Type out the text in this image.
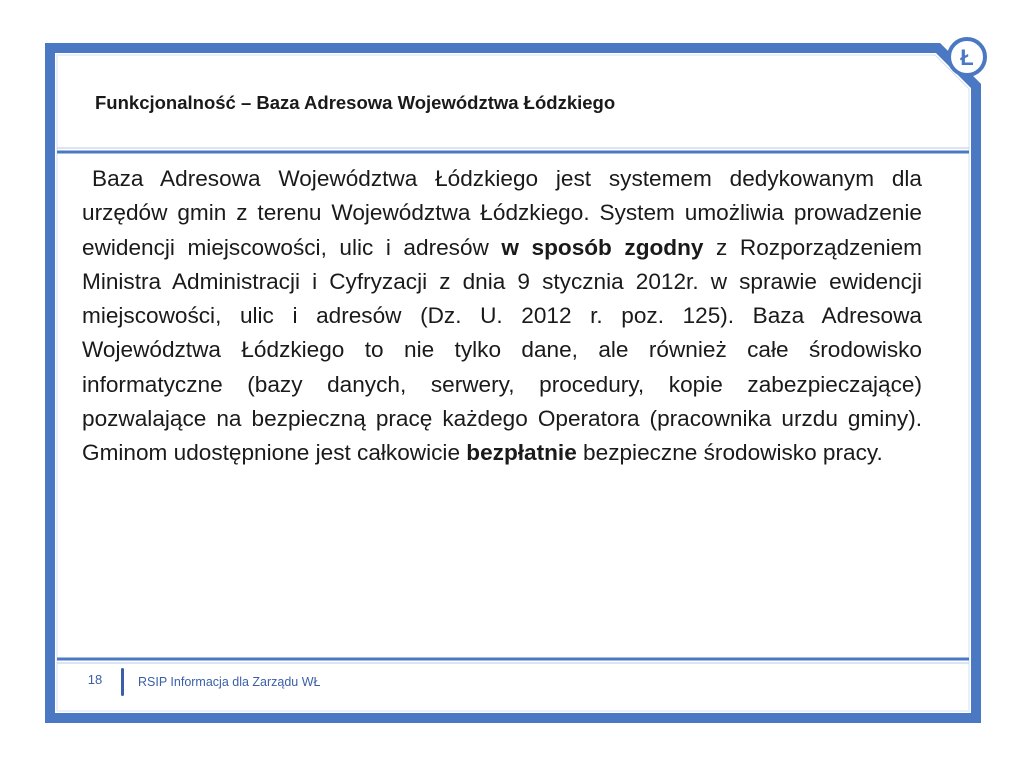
Ł
Funkcjonalność – Baza Adresowa Województwa Łódzkiego
Baza Adresowa Województwa Łódzkiego jest systemem dedykowanym dla urzędów gmin z terenu Województwa Łódzkiego. System umożliwia prowadzenie ewidencji miejscowości, ulic i adresów w sposób zgodny z Rozporządzeniem Ministra Administracji i Cyfryzacji z dnia 9 stycznia 2012r. w sprawie ewidencji miejscowości, ulic i adresów (Dz. U. 2012 r. poz. 125). Baza Adresowa Województwa Łódzkiego to nie tylko dane, ale również całe środowisko informatyczne (bazy danych, serwery, procedury, kopie zabezpieczające) pozwalające na bezpieczną pracę każdego Operatora (pracownika urzdu gminy). Gminom udostępnione jest całkowicie bezpłatnie bezpieczne środowisko pracy.
18	RSIP Informacja dla Zarządu WŁ
